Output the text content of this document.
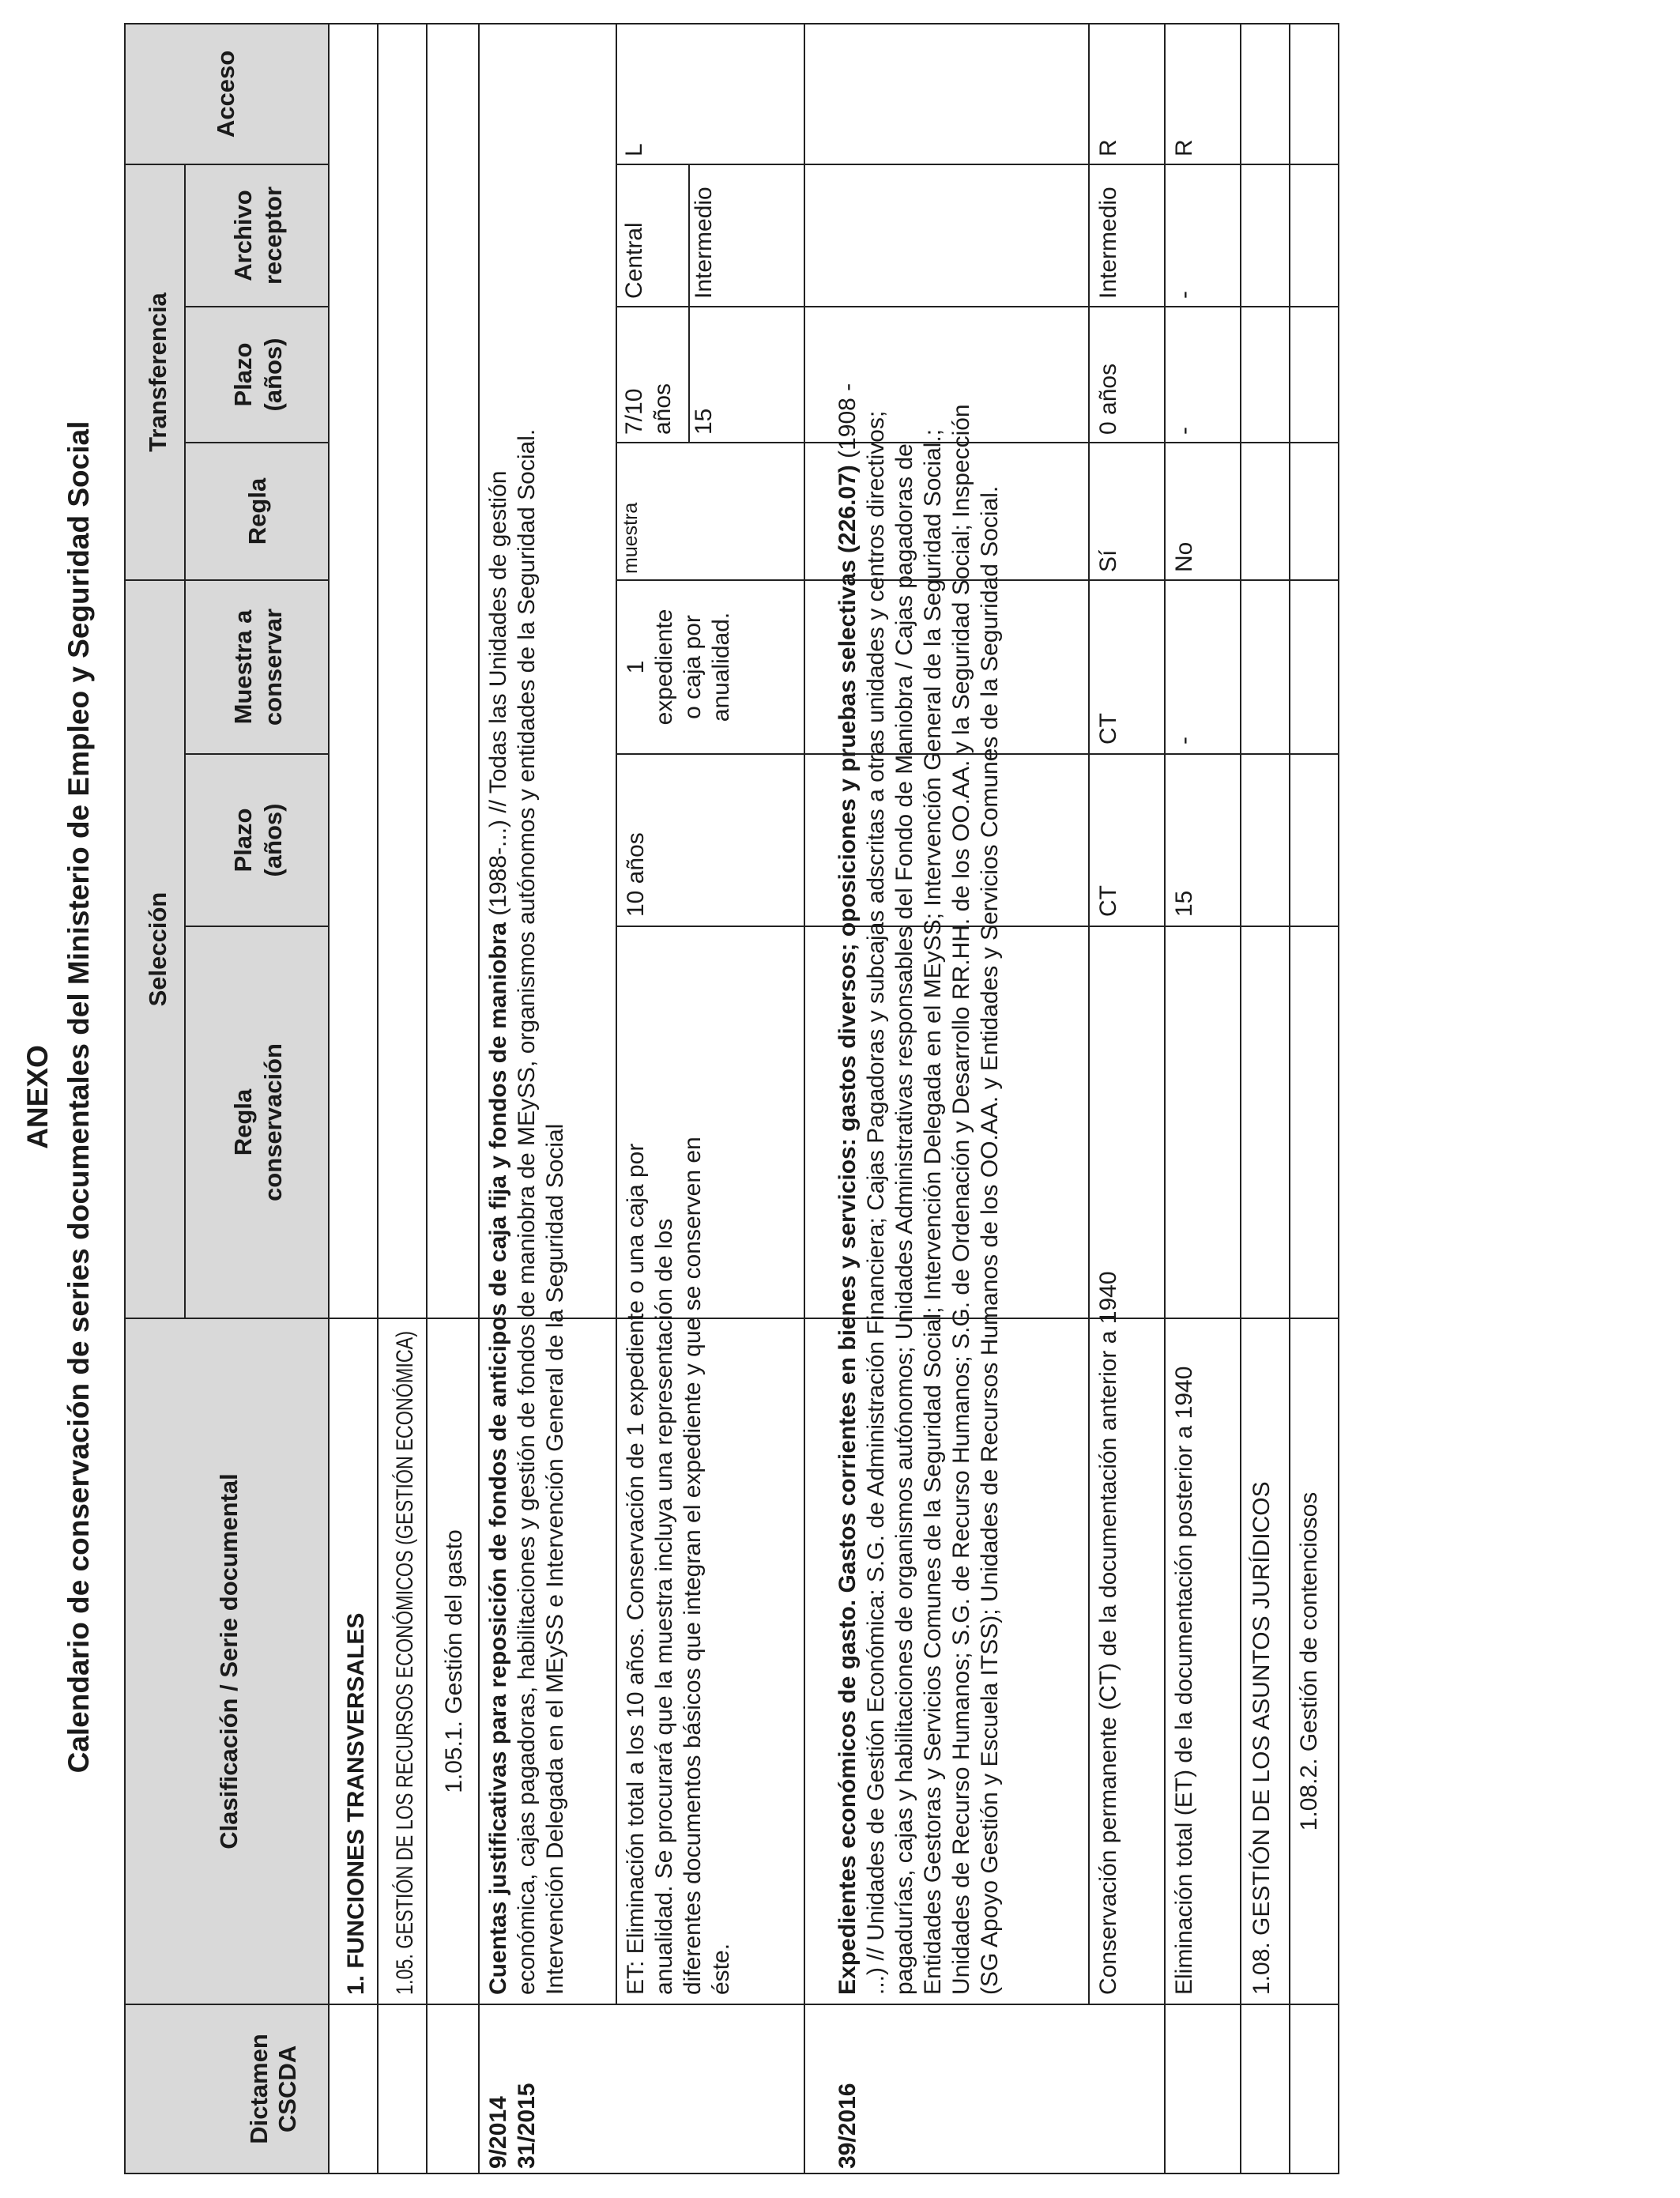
ANEXO Calendario de conservación de series documentales del Ministerio de Empleo y Seguridad Social
Dictamen CSCDA
Clasificación / Serie documental
Selección
Regla conservación
Plazo (años)
Muestra a conservar
Transferencia
Regla
Plazo (años)
Archivo receptor
Acceso
1. FUNCIONES TRANSVERSALES 1.05. GESTIÓN DE LOS RECURSOS ECONÓMICOS (GESTIÓN ECONÓMICA) 1.05.1. Gestión del gasto
9/2014 31/2015
Cuentas justificativas para reposición de fondos de anticipos de caja fija y fondos de maniobra (1988-...) // Todas las Unidades de gestión económica, cajas pagadoras, habilitaciones y gestión de fondos de maniobra de MEySS, organismos autónomos y entidades de la Seguridad Social. Intervención Delegada en el MEySS e Intervención General de la Seguridad Social ET: Eliminación total a los 10 años. Conservación de 1 expediente o una caja por anualidad. Se procurará que la muestra incluya una representación de los diferentes documentos básicos que integran el expediente y que se conserven en éste.
10 años
1 expediente o caja por anualidad.
muestra
7/10 años 15
Central Intermedio
L
39/2016
Expedientes económicos de gasto. Gastos corrientes en bienes y servicios: gastos diversos; oposiciones y pruebas selectivas (226.07) (1908 - ...) // Unidades de Gestión Económica: S.G. de Administración Financiera; Cajas Pagadoras y subcajas adscritas a otras unidades y centros directivos; pagadurías, cajas y habilitaciones de organismos autónomos; Unidades Administrativas responsables del Fondo de Maniobra / Cajas pagadoras de Entidades Gestoras y Servicios Comunes de la Seguridad Social; Intervención Delegada en el MEySS; Intervención General de la Seguridad Social.; Unidades de Recurso Humanos; S.G. de Recurso Humanos; S.G. de Ordenación y Desarrollo RR.HH. de los OO.AA. y la Seguridad Social; Inspección (SG Apoyo Gestión y Escuela ITSS); Unidades de Recursos Humanos de los OO.AA. y Entidades y Servicios Comunes de la Seguridad Social.	Conservación permanente (CT) de la documentación anterior a 1940
CT
CT
Sí
0 años
Intermedio
R
Eliminación total (ET) de la documentación posterior a 1940
15
-
No
-
-
R
1.08. GESTIÓN DE LOS ASUNTOS JURÍDICOS 1.08.2. Gestión de contenciosos
